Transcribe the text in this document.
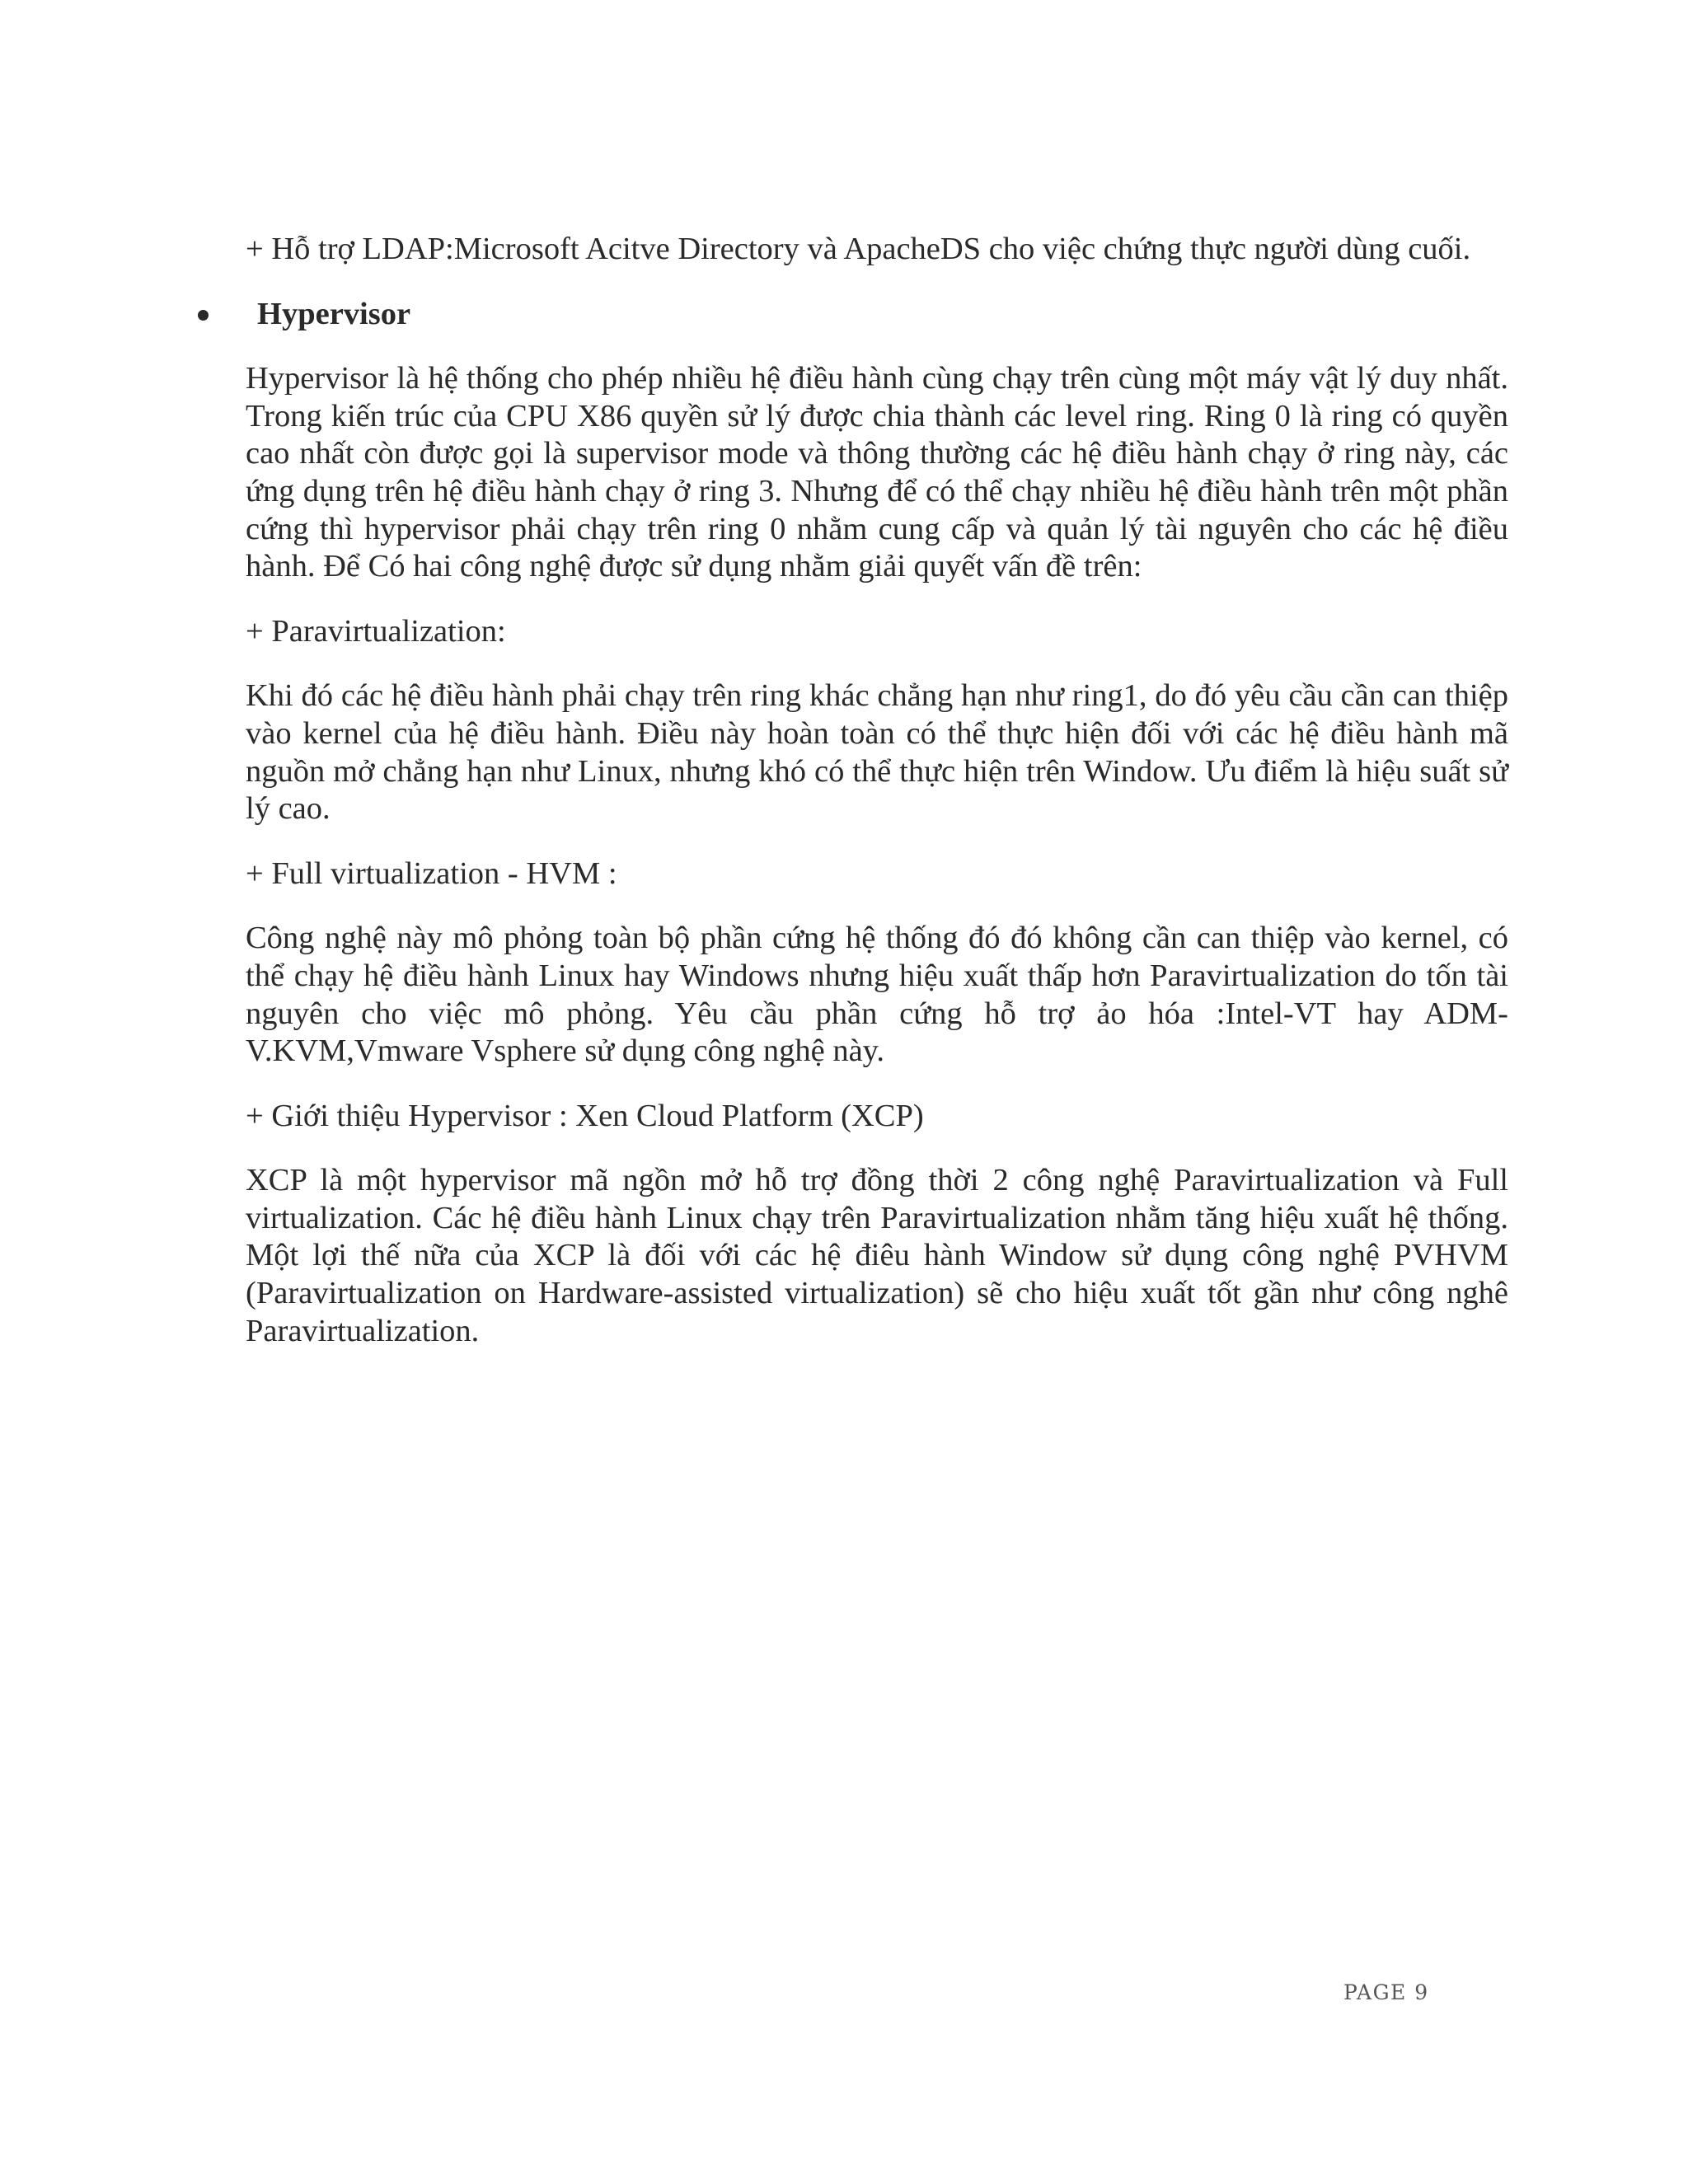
+ Hỗ trợ LDAP:Microsoft Acitve Directory và ApacheDS cho việc chứng thực người dùng cuối.

Hypervisor

Hypervisor là hệ thống cho phép nhiều hệ điều hành cùng chạy trên cùng một máy vật lý duy nhất. Trong kiến trúc của CPU X86 quyền sử lý được chia thành các level ring. Ring 0 là ring có quyền cao nhất còn được gọi là supervisor mode và thông thường các hệ điều hành chạy ở ring này, các ứng dụng trên hệ điều hành chạy ở ring 3. Nhưng để có thể chạy nhiều hệ điều hành trên một phần cứng thì hypervisor phải chạy trên ring 0 nhằm cung cấp và quản lý tài nguyên cho các hệ điều hành. Để Có hai công nghệ được sử dụng nhằm giải quyết vấn đề trên:

+ Paravirtualization:

Khi đó các hệ điều hành phải chạy trên ring khác chẳng hạn như ring1, do đó yêu cầu cần can thiệp vào kernel của hệ điều hành. Điều này hoàn toàn có thể thực hiện đối với các hệ điều hành mã nguồn mở chẳng hạn như Linux, nhưng khó có thể thực hiện trên Window. Ưu điểm là hiệu suất sử lý cao.

+ Full virtualization - HVM :

Công nghệ này mô phỏng toàn bộ phần cứng hệ thống đó đó không cần can thiệp vào kernel, có thể chạy hệ điều hành Linux hay Windows nhưng hiệu xuất thấp hơn Paravirtualization do tốn tài nguyên cho việc mô phỏng. Yêu cầu phần cứng hỗ trợ ảo hóa :Intel-VT hay ADM-V.KVM,Vmware Vsphere sử dụng công nghệ này.

+ Giới thiệu Hypervisor : Xen Cloud Platform (XCP)

XCP là một hypervisor mã ngồn mở hỗ trợ đồng thời 2 công nghệ Paravirtualization và Full virtualization. Các hệ điều hành Linux chạy trên Paravirtualization nhằm tăng hiệu xuất hệ thống. Một lợi thế nữa của XCP là đối với các hệ điêu hành Window sử dụng công nghệ PVHVM (Paravirtualization on Hardware-assisted virtualization) sẽ cho hiệu xuất tốt gần như công nghê Paravirtualization.

PAGE 9
